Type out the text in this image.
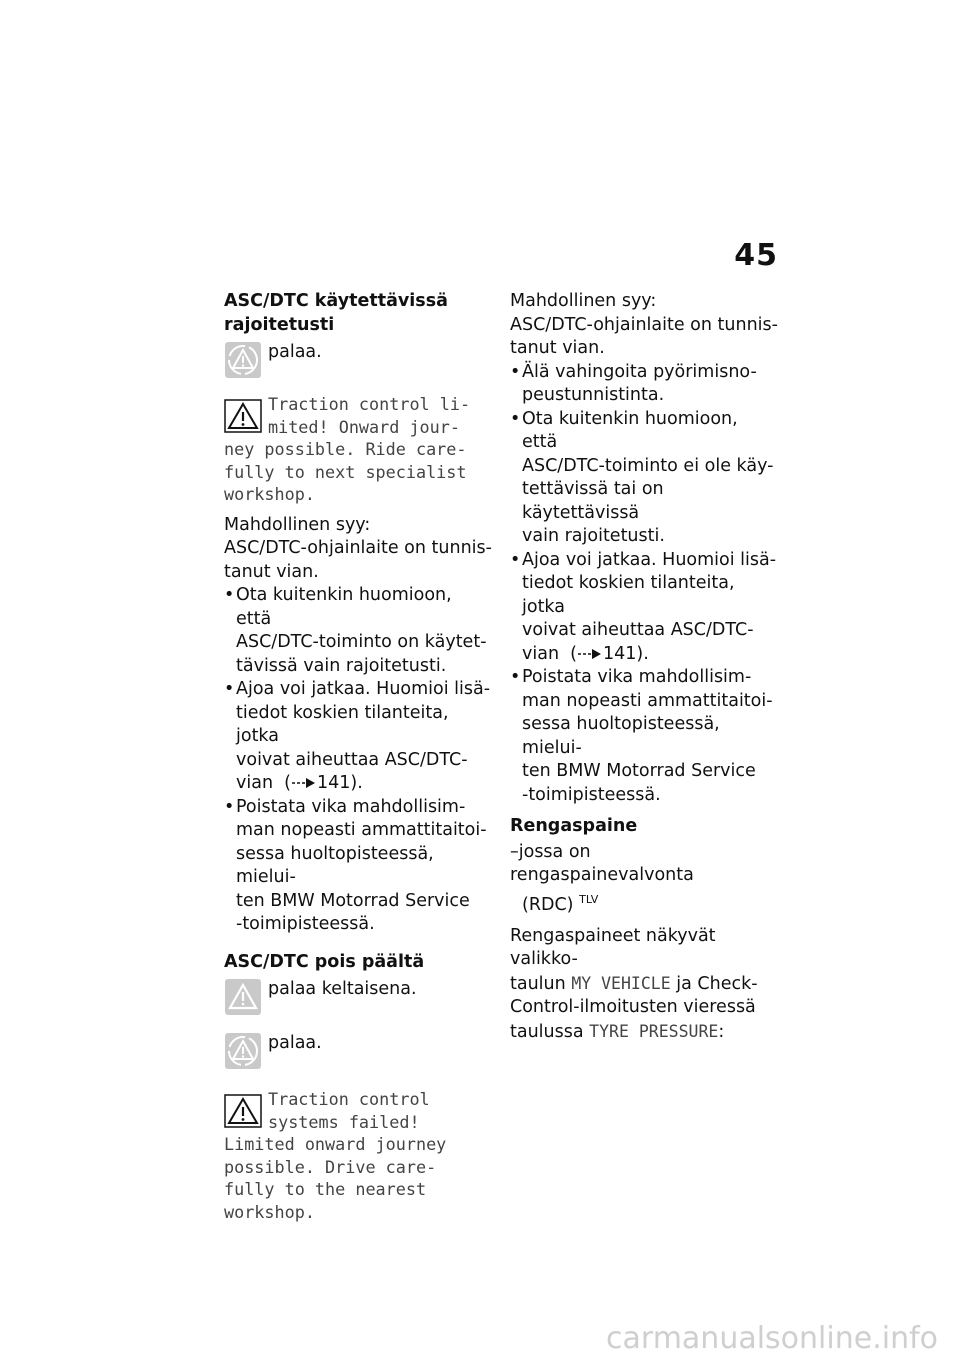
45
ASC/DTC käytettävissä
rajoitetusti
palaa.
Traction control li-
mited! Onward jour-
ney possible. Ride care-
fully to next specialist
workshop.
Mahdollinen syy:
ASC/DTC-ohjainlaite on tunnis-
tanut vian.
• Ota kuitenkin huomioon, että
ASC/DTC-toiminto on käytet-
tävissä vain rajoitetusti.
• Ajoa voi jatkaa. Huomioi lisä-
tiedot koskien tilanteita, jotka
voivat aiheuttaa ASC/DTC-
vian  ( 141).
• Poistata vika mahdollisim-
man nopeasti ammattitaitoi-
sessa huoltopisteessä, mielui-
ten BMW Motorrad Service
-toimipisteessä.
ASC/DTC pois päältä
palaa keltaisena.
palaa.
Traction control
systems failed!
Limited onward journey
possible. Drive care-
fully to the nearest
workshop.
Mahdollinen syy:
ASC/DTC-ohjainlaite on tunnis-
tanut vian.
• Älä vahingoita pyörimisno-
peustunnistinta.
• Ota kuitenkin huomioon, että
ASC/DTC-toiminto ei ole käy-
tettävissä tai on käytettävissä
vain rajoitetusti.
• Ajoa voi jatkaa. Huomioi lisä-
tiedot koskien tilanteita, jotka
voivat aiheuttaa ASC/DTC-
vian  ( 141).
• Poistata vika mahdollisim-
man nopeasti ammattitaitoi-
sessa huoltopisteessä, mielui-
ten BMW Motorrad Service
-toimipisteessä.
Rengaspaine
–jossa on rengaspainevalvonta
(RDC) $^{TLV}$
Rengaspaineet näkyvät valikko-
taulun MY VEHICLE ja Check-
Control-ilmoitusten vieressä
taulussa TYRE PRESSURE:
carmanualsonline.info
